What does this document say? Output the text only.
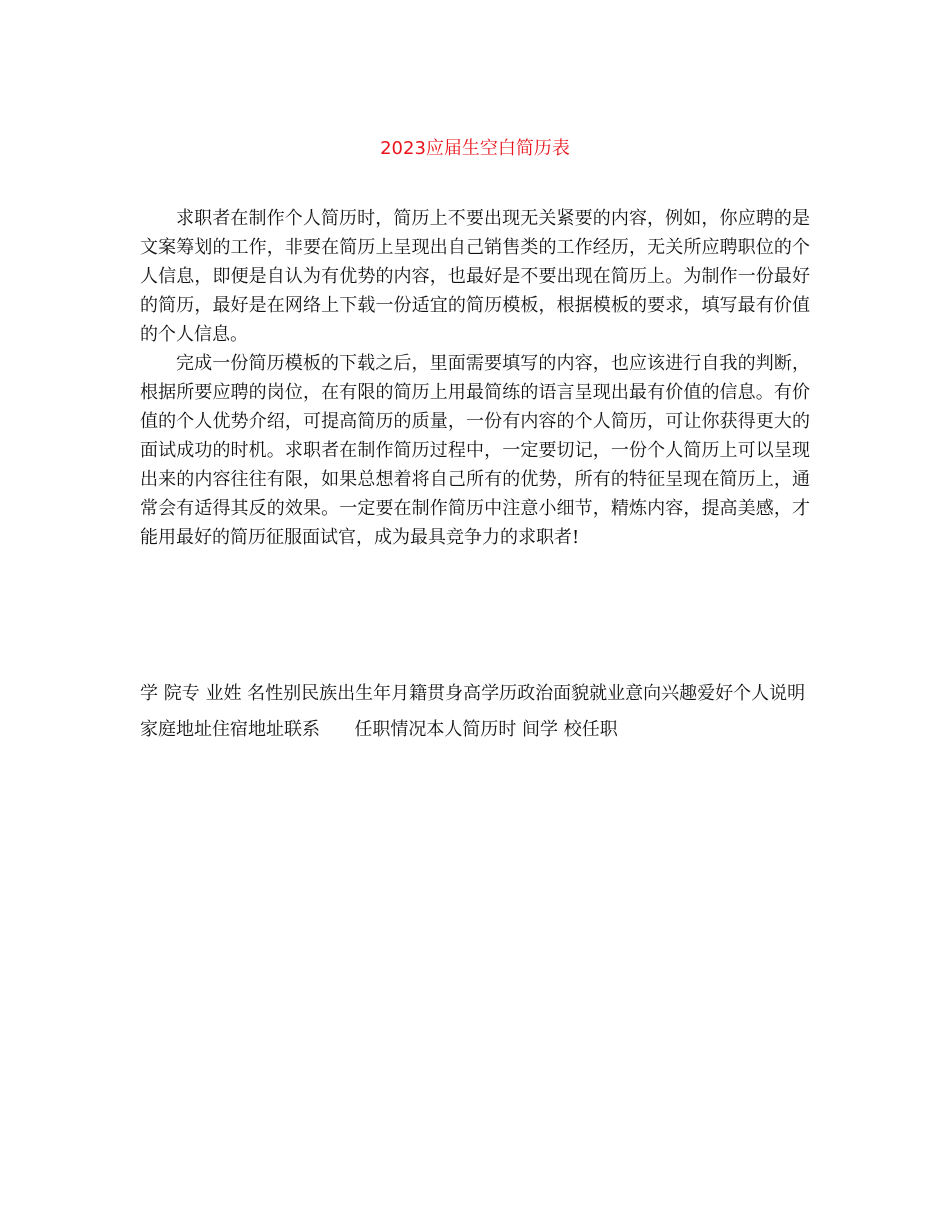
2023应届生空白简历表

求职者在制作个人简历时，简历上不要出现无关紧要的内容，例如，你应聘的是文案筹划的工作，非要在简历上呈现出自己销售类的工作经历，无关所应聘职位的个人信息，即便是自认为有优势的内容，也最好是不要出现在简历上。为制作一份最好的简历，最好是在网络上下载一份适宜的简历模板，根据模板的要求，填写最有价值的个人信息。

完成一份简历模板的下载之后，里面需要填写的内容，也应该进行自我的判断，根据所要应聘的岗位，在有限的简历上用最简练的语言呈现出最有价值的信息。有价值的个人优势介绍，可提高简历的质量，一份有内容的个人简历，可让你获得更大的面试成功的时机。求职者在制作简历过程中，一定要切记，一份个人简历上可以呈现出来的内容往往有限，如果总想着将自己所有的优势，所有的特征呈现在简历上，通常会有适得其反的效果。一定要在制作简历中注意小细节，精炼内容，提高美感，才能用最好的简历征服面试官，成为最具竞争力的求职者!

学 院专 业姓 名性别民族出生年月籍贯身高学历政治面貌就业意向兴趣爱好个人说明家庭地址住宿地址联系      任职情况本人简历时 间学 校任职
